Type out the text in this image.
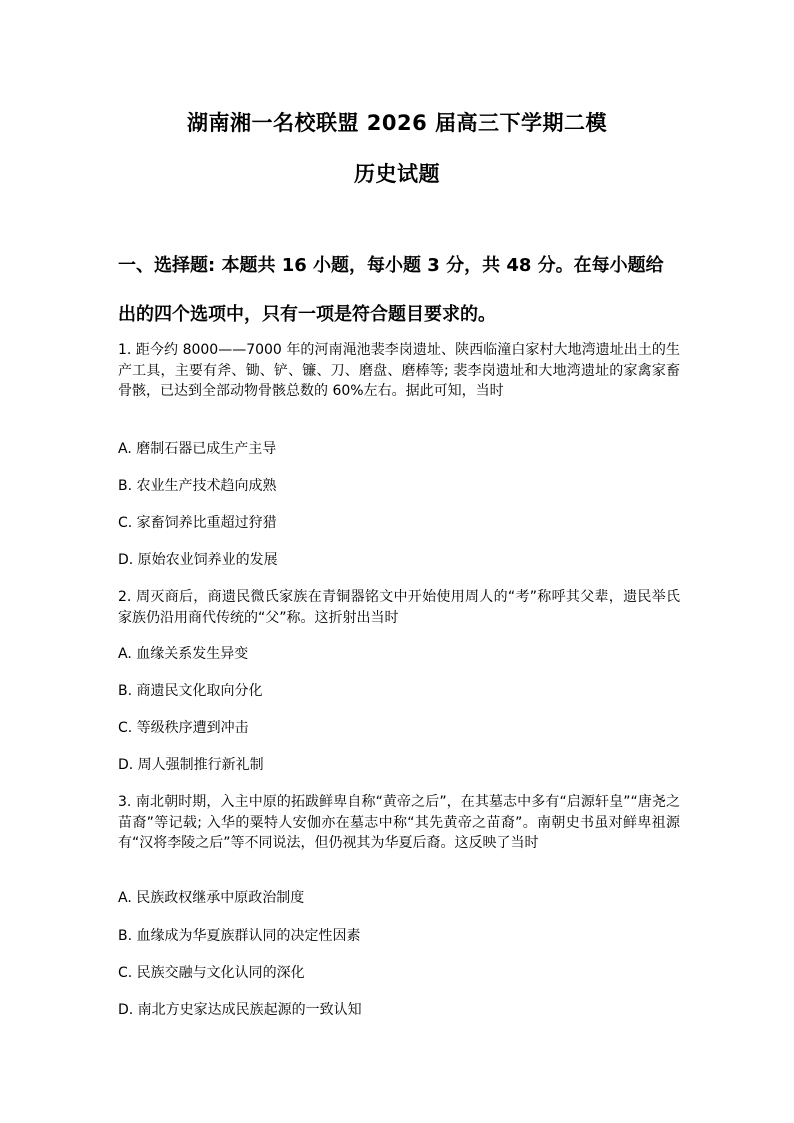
湖南湘一名校联盟 2026 届高三下学期二模
历史试题
一、选择题: 本题共 16 小题，每小题 3 分，共 48 分。在每小题给出的四个选项中，只有一项是符合题目要求的。
1. 距今约 8000——7000 年的河南渑池裴李岗遗址、陕西临潼白家村大地湾遗址出土的生产工具，主要有斧、锄、铲、镰、刀、磨盘、磨棒等; 裴李岗遗址和大地湾遗址的家禽家畜骨骸，已达到全部动物骨骸总数的 60%左右。据此可知，当时
A. 磨制石器已成生产主导
B. 农业生产技术趋向成熟
C. 家畜饲养比重超过狩猎
D. 原始农业饲养业的发展
2. 周灭商后，商遗民微氏家族在青铜器铭文中开始使用周人的“考”称呼其父辈，遗民举氏家族仍沿用商代传统的“父”称。这折射出当时
A. 血缘关系发生异变
B. 商遗民文化取向分化
C. 等级秩序遭到冲击
D. 周人强制推行新礼制
3. 南北朝时期，入主中原的拓跋鲜卑自称“黄帝之后”，在其墓志中多有“启源轩皇”“唐尧之苗裔”等记载; 入华的粟特人安伽亦在墓志中称“其先黄帝之苗裔”。南朝史书虽对鲜卑祖源有“汉将李陵之后”等不同说法，但仍视其为华夏后裔。这反映了当时
A. 民族政权继承中原政治制度
B. 血缘成为华夏族群认同的决定性因素
C. 民族交融与文化认同的深化
D. 南北方史家达成民族起源的一致认知
